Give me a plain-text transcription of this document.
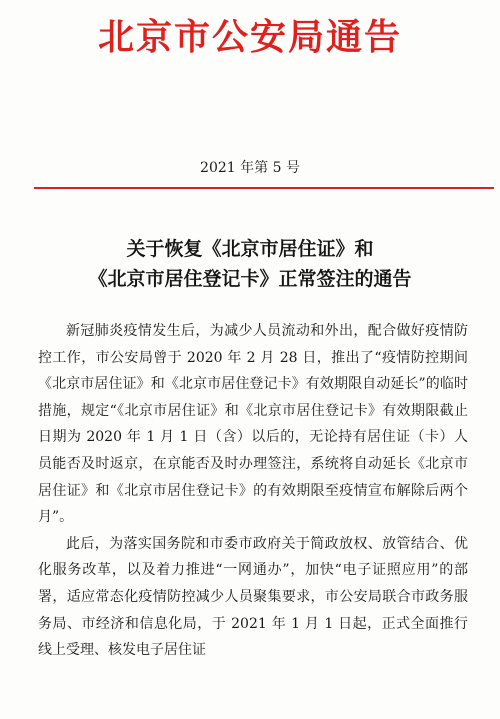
北京市公安局通告
2021 年第 5 号
关于恢复《北京市居住证》和
《北京市居住登记卡》正常签注的通告

新冠肺炎疫情发生后，为减少人员流动和外出，配合做好疫情防控工作，市公安局曾于 2020 年 2 月 28 日，推出了“疫情防控期间《北京市居住证》和《北京市居住登记卡》有效期限自动延长”的临时措施，规定“《北京市居住证》和《北京市居住登记卡》有效期限截止日期为 2020 年 1 月 1 日（含）以后的，无论持有居住证（卡）人员能否及时返京，在京能否及时办理签注，系统将自动延长《北京市居住证》和《北京市居住登记卡》的有效期限至疫情宣布解除后两个月”。

此后，为落实国务院和市委市政府关于简政放权、放管结合、优化服务改革，以及着力推进“一网通办”，加快“电子证照应用”的部署，适应常态化疫情防控减少人员聚集要求，市公安局联合市政务服务局、市经济和信息化局，于 2021 年 1 月 1 日起，正式全面推行线上受理、核发电子居住证
